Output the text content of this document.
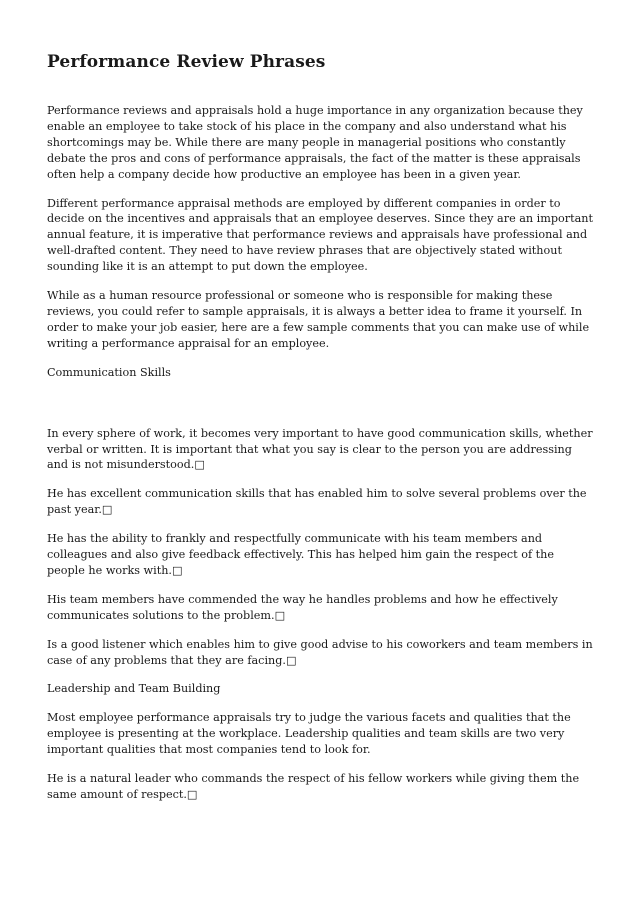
Performance Review Phrases

Performance reviews and appraisals hold a huge importance in any organization because they enable an employee to take stock of his place in the company and also understand what his shortcomings may be. While there are many people in managerial positions who constantly debate the pros and cons of performance appraisals, the fact of the matter is these appraisals often help a company decide how productive an employee has been in a given year.

Different performance appraisal methods are employed by different companies in order to decide on the incentives and appraisals that an employee deserves. Since they are an important annual feature, it is imperative that performance reviews and appraisals have professional and well-drafted content. They need to have review phrases that are objectively stated without sounding like it is an attempt to put down the employee.

While as a human resource professional or someone who is responsible for making these reviews, you could refer to sample appraisals, it is always a better idea to frame it yourself. In order to make your job easier, here are a few sample comments that you can make use of while writing a performance appraisal for an employee.

Communication Skills

In every sphere of work, it becomes very important to have good communication skills, whether verbal or written. It is important that what you say is clear to the person you are addressing and is not misunderstood.□

He has excellent communication skills that has enabled him to solve several problems over the past year.□

He has the ability to frankly and respectfully communicate with his team members and colleagues and also give feedback effectively. This has helped him gain the respect of the people he works with.□

His team members have commended the way he handles problems and how he effectively communicates solutions to the problem.□

Is a good listener which enables him to give good advise to his coworkers and team members in case of any problems that they are facing.□

Leadership and Team Building

Most employee performance appraisals try to judge the various facets and qualities that the employee is presenting at the workplace. Leadership qualities and team skills are two very important qualities that most companies tend to look for.

He is a natural leader who commands the respect of his fellow workers while giving them the same amount of respect.□
